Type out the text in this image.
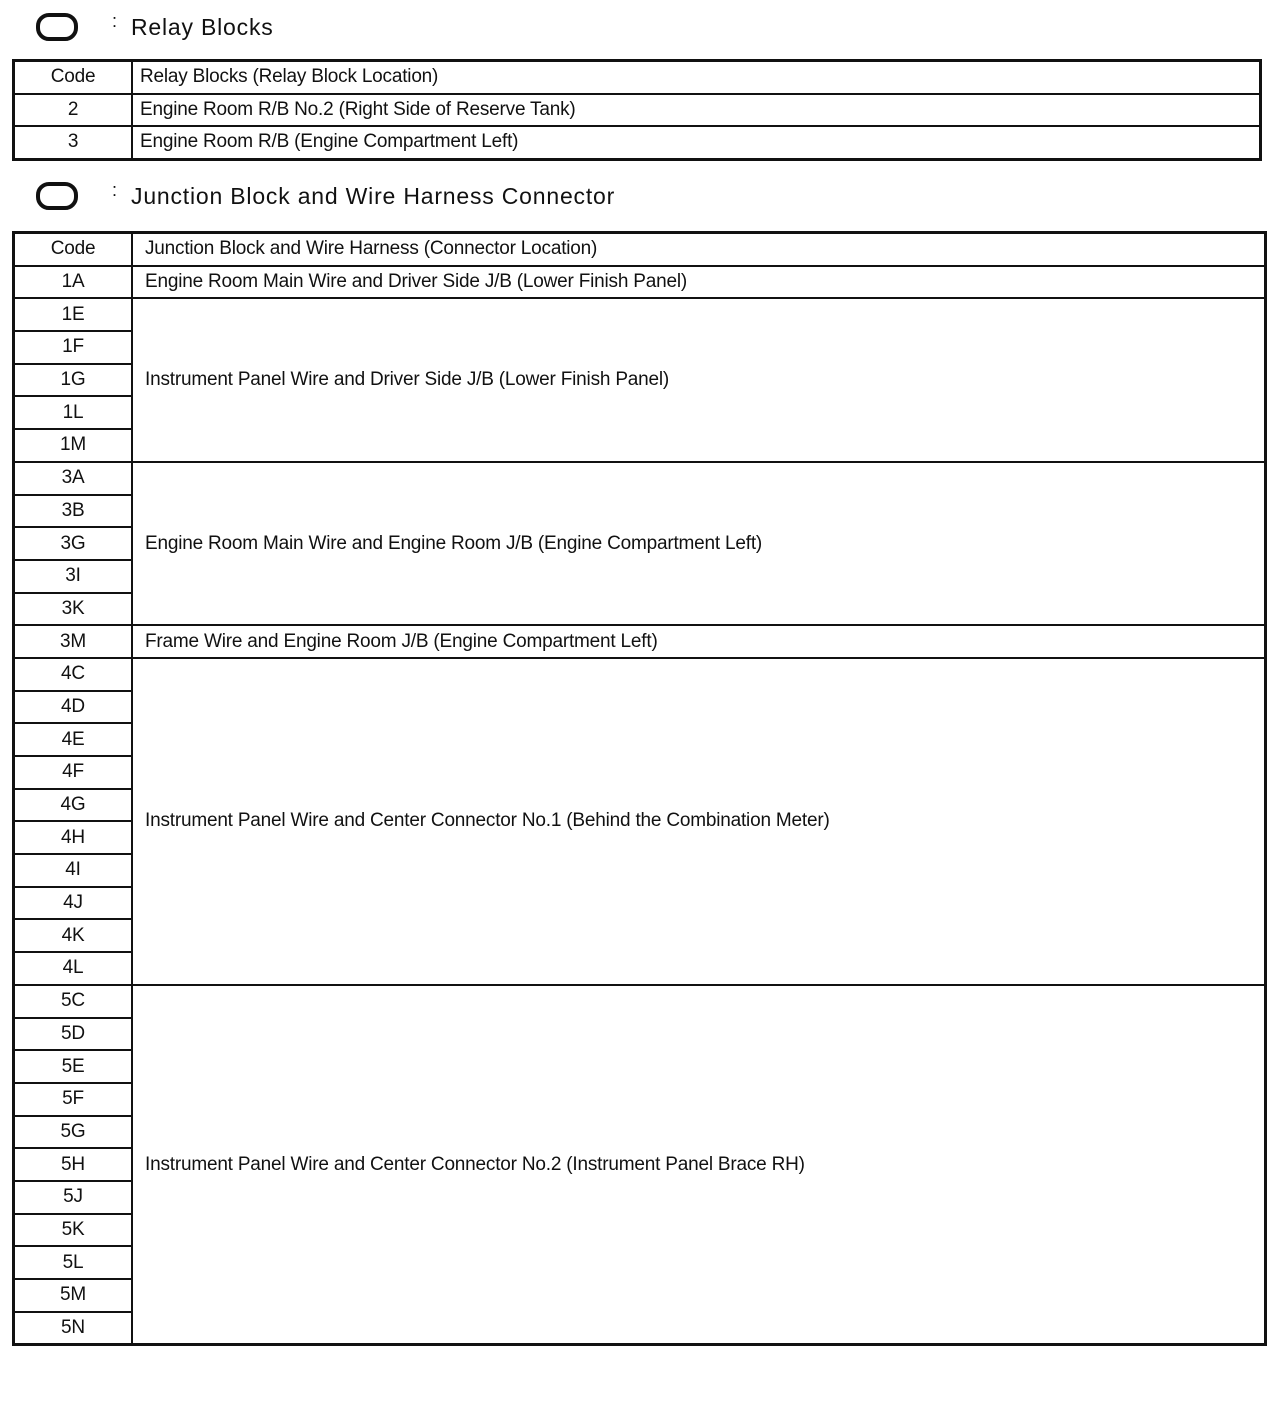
: Relay Blocks
Code	Relay Blocks (Relay Block Location)
2	Engine Room R/B No.2 (Right Side of Reserve Tank)
3	Engine Room R/B (Engine Compartment Left)
: Junction Block and Wire Harness Connector
Code	Junction Block and Wire Harness (Connector Location)
1A	Engine Room Main Wire and Driver Side J/B (Lower Finish Panel)
1E	Instrument Panel Wire and Driver Side J/B (Lower Finish Panel)
1F	
1G	
1L	
1M	
3A	Engine Room Main Wire and Engine Room J/B (Engine Compartment Left)
3B	
3G	
3I	
3K	
3M	Frame Wire and Engine Room J/B (Engine Compartment Left)
4C	Instrument Panel Wire and Center Connector No.1 (Behind the Combination Meter)
4D	
4E	
4F	
4G	
4H	
4I	
4J	
4K	
4L	
5C	Instrument Panel Wire and Center Connector No.2 (Instrument Panel Brace RH)
5D	
5E	
5F	
5G	
5H	
5J	
5K	
5L	
5M	
5N	
